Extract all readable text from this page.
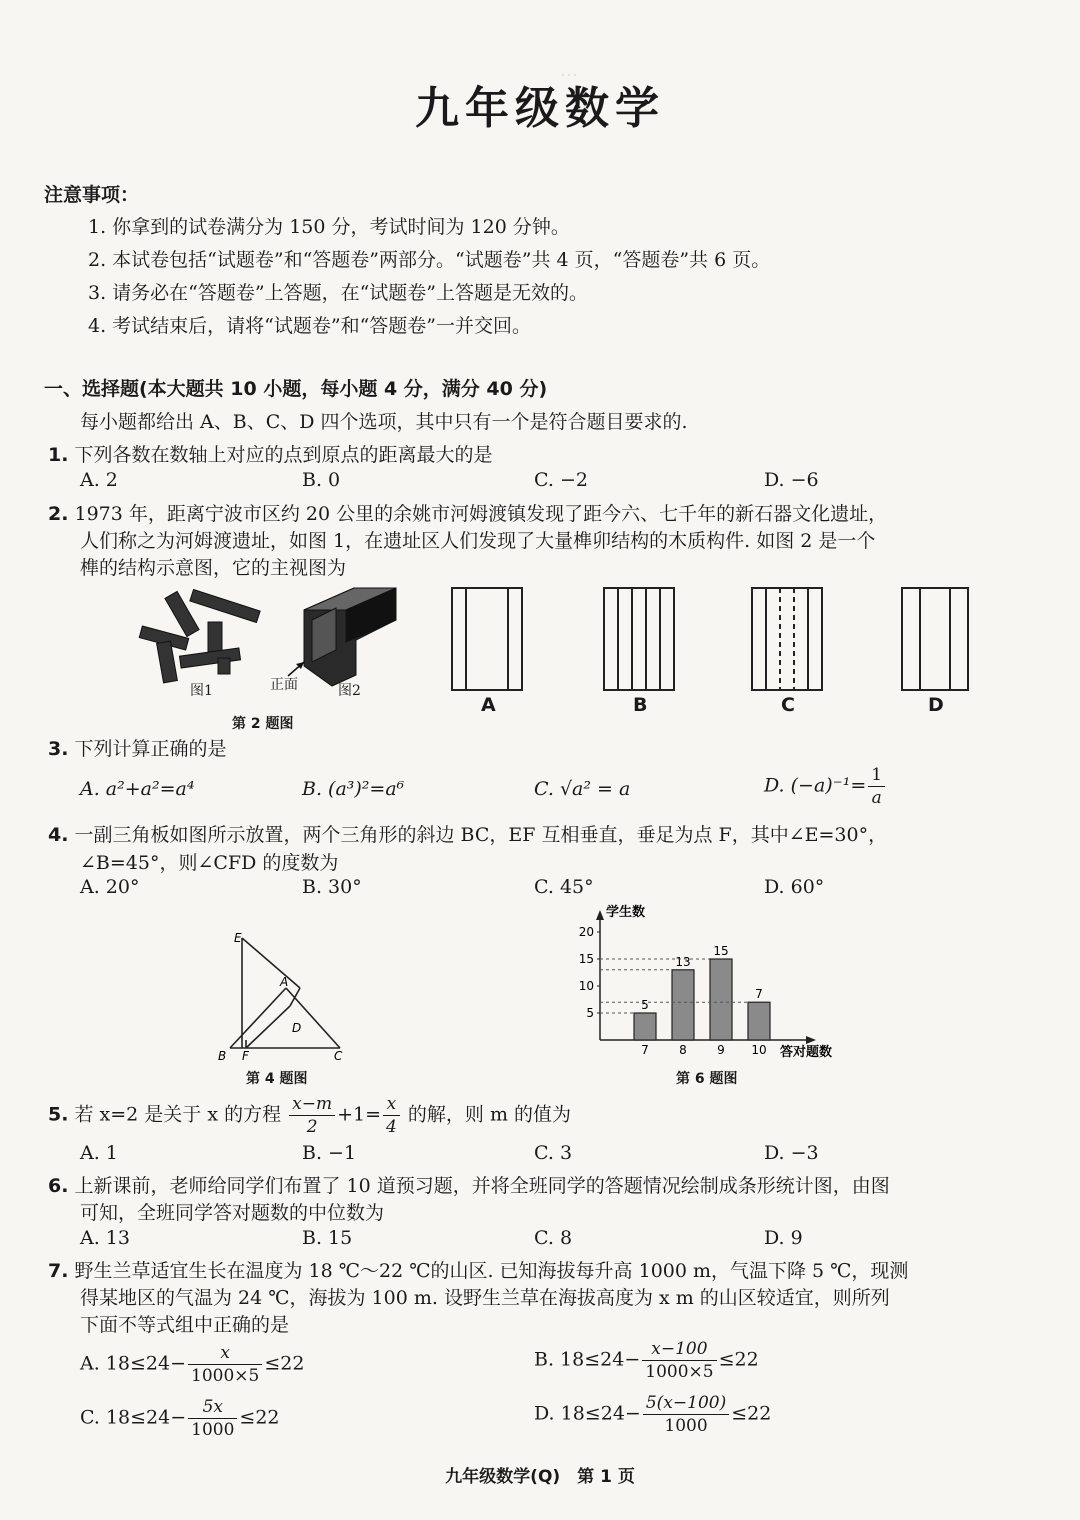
…
九年级数学
注意事项：
1. 你拿到的试卷满分为 150 分，考试时间为 120 分钟。
2. 本试卷包括“试题卷”和“答题卷”两部分。“试题卷”共 4 页，“答题卷”共 6 页。
3. 请务必在“答题卷”上答题，在“试题卷”上答题是无效的。
4. 考试结束后，请将“试题卷”和“答题卷”一并交回。
一、选择题(本大题共 10 小题，每小题 4 分，满分 40 分)
每小题都给出 A、B、C、D 四个选项，其中只有一个是符合题目要求的.
1. 下列各数在数轴上对应的点到原点的距离最大的是
A. 2	B. 0	C. −2	D. −6
2. 1973 年，距离宁波市区约 20 公里的余姚市河姆渡镇发现了距今六、七千年的新石器文化遗址，
人们称之为河姆渡遗址，如图 1，在遗址区人们发现了大量榫卯结构的木质构件. 如图 2 是一个
榫的结构示意图，它的主视图为
图1	正面	图2
第 2 题图
A	B	C	D
3. 下列计算正确的是
A. a²+a²=a⁴	B. (a³)²=a⁶	C. √a² = a	D. $(-a)^{-1}= \frac{1}{a}$
4. 一副三角板如图所示放置，两个三角形的斜边 BC，EF 互相垂直，垂足为点 F，其中∠E=30°，
∠B=45°，则∠CFD 的度数为
A. 20°	B. 30°	C. 45°	D. 60°
E
A
D
B F	C
第 4 题图
5
10
15
20
5
7
13
8
15
9
7
10
学生数
答对题数
第 6 题图
5. 若 x=2 是关于 x 的方程 $\frac{x-m}{2} +1= \frac{x}{4}$ 的解，则 m 的值为
A. 1	B. −1	C. 3	D. −3
6. 上新课前，老师给同学们布置了 10 道预习题，并将全班同学的答题情况绘制成条形统计图，由图
可知，全班同学答对题数的中位数为
A. 13	B. 15	C. 8	D. 9
7. 野生兰草适宜生长在温度为 18 ℃～22 ℃的山区. 已知海拔每升高 1000 m，气温下降 5 ℃，现测
得某地区的气温为 24 ℃，海拔为 100 m. 设野生兰草在海拔高度为 x m 的山区较适宜，则所列
下面不等式组中正确的是
A. $18\le 24- \frac{x}{1000\times 5} \le 22$	B. $18\le 24- \frac{x-100}{1000\times 5} \le 22$
C. $18\le 24- \frac{5x}{1000} \le 22$	D. $18\le 24- \frac{5(x-100)}{1000} \le 22$
九年级数学(Q)　第 1 页
